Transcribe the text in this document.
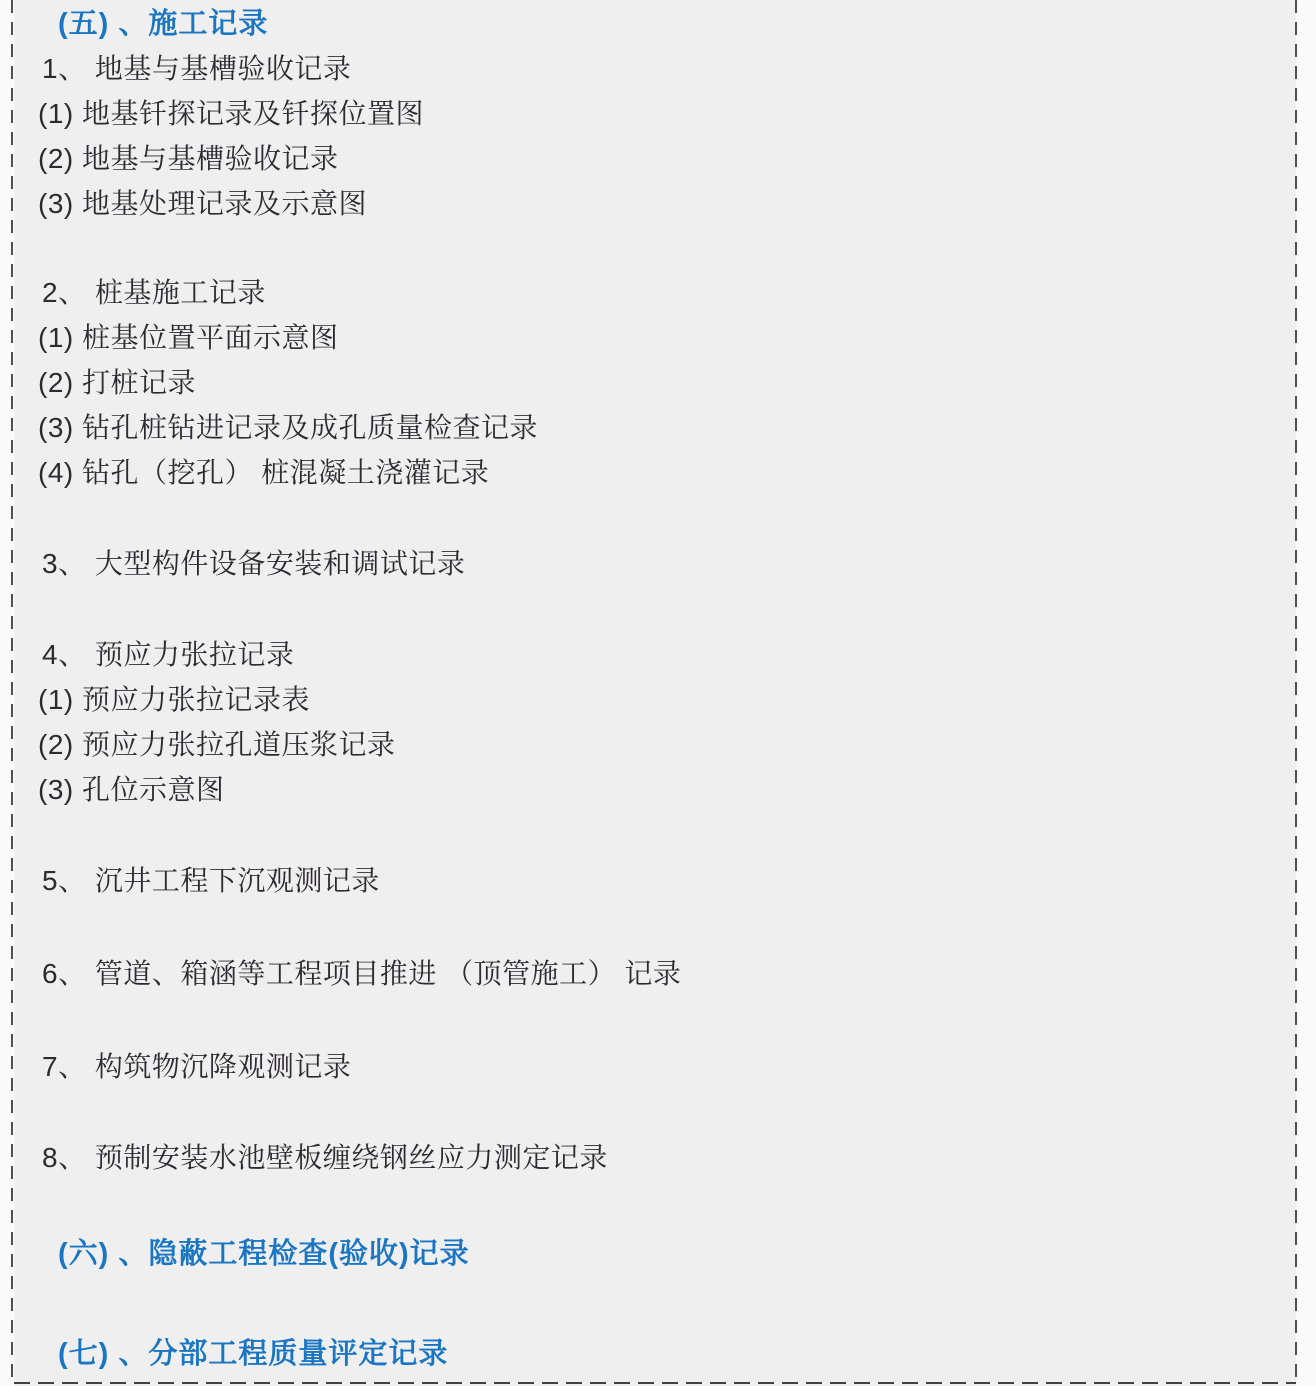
(五) 、施工记录
1、 地基与基槽验收记录
(1) 地基钎探记录及钎探位置图
(2) 地基与基槽验收记录
(3) 地基处理记录及示意图
2、 桩基施工记录
(1) 桩基位置平面示意图
(2) 打桩记录
(3) 钻孔桩钻进记录及成孔质量检查记录
(4) 钻孔（挖孔） 桩混凝土浇灌记录
3、 大型构件设备安装和调试记录
4、 预应力张拉记录
(1) 预应力张拉记录表
(2) 预应力张拉孔道压浆记录
(3) 孔位示意图
5、 沉井工程下沉观测记录
6、 管道、箱涵等工程项目推进 （顶管施工） 记录
7、 构筑物沉降观测记录
8、 预制安装水池壁板缠绕钢丝应力测定记录
(六) 、隐蔽工程检查(验收)记录
(七) 、分部工程质量评定记录
